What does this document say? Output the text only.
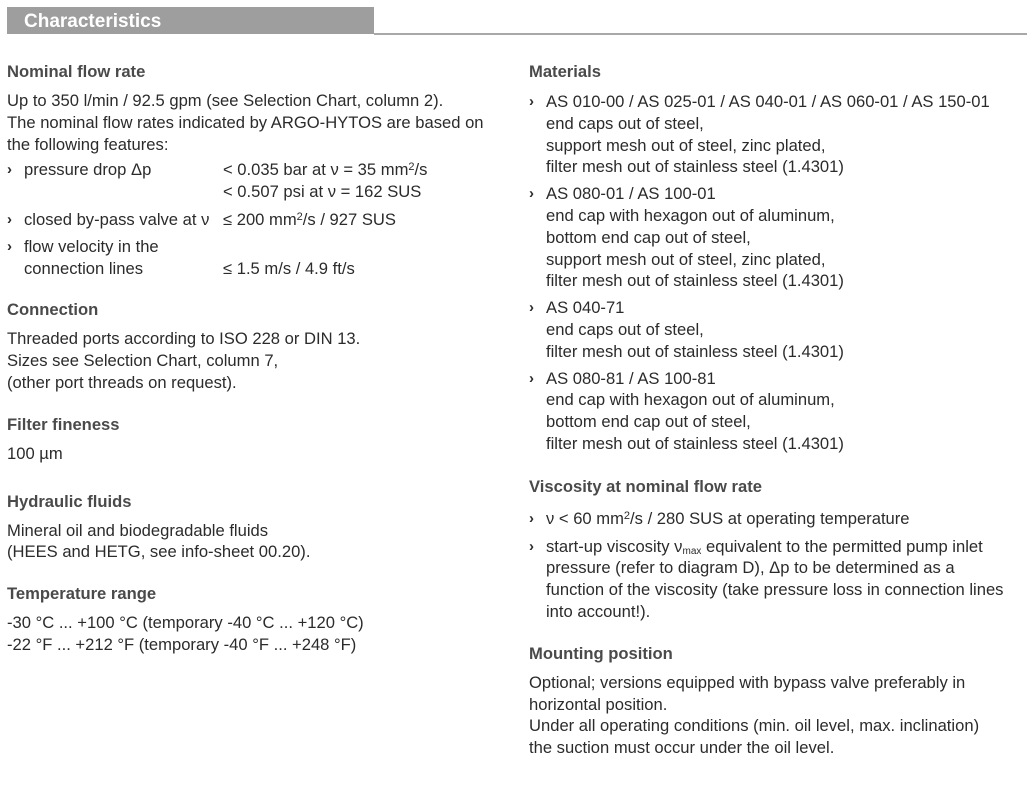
Characteristics
Nominal flow rate
Up to 350 l/min / 92.5 gpm (see Selection Chart, column 2).
The nominal flow rates indicated by ARGO-HYTOS are based on
the following features:
› pressure drop Δp	< 0.035 bar at ν = 35 $mm^2/s$
< 0.507 psi at ν = 162 SUS
› closed by-pass valve at ν ≤ 200 $mm^2/s / 927$ SUS
› flow velocity in the
connection lines	≤ 1.5 m/s / 4.9 ft/s
Connection
Threaded ports according to ISO 228 or DIN 13.
Sizes see Selection Chart, column 7,
(other port threads on request).
Filter fineness
100 µm
Hydraulic fluids
Mineral oil and biodegradable fluids
(HEES and HETG, see info-sheet 00.20).
Temperature range
-30 °C ... +100 °C (temporary -40 °C ... +120 °C)
-22 °F ... +212 °F (temporary -40 °F ... +248 °F)
Materials
› AS 010-00 / AS 025-01 / AS 040-01 / AS 060-01 / AS 150-01
end caps out of steel,
support mesh out of steel, zinc plated,
filter mesh out of stainless steel (1.4301)
› AS 080-01 / AS 100-01
end cap with hexagon out of aluminum,
bottom end cap out of steel,
support mesh out of steel, zinc plated,
filter mesh out of stainless steel (1.4301)
› AS 040-71
end caps out of steel,
filter mesh out of stainless steel (1.4301)
› AS 080-81 / AS 100-81
end cap with hexagon out of aluminum,
bottom end cap out of steel,
filter mesh out of stainless steel (1.4301)
Viscosity at nominal flow rate
› ν < 60 $mm^2/s / 280$ SUS at operating temperature
› start-up viscosity $\nu_{max}$ equivalent to the permitted pump inlet
pressure (refer to diagram D), Δp to be determined as a
function of the viscosity (take pressure loss in connection lines
into account!).
Mounting position
Optional; versions equipped with bypass valve preferably in
horizontal position.
Under all operating conditions (min. oil level, max. inclination)
the suction must occur under the oil level.
